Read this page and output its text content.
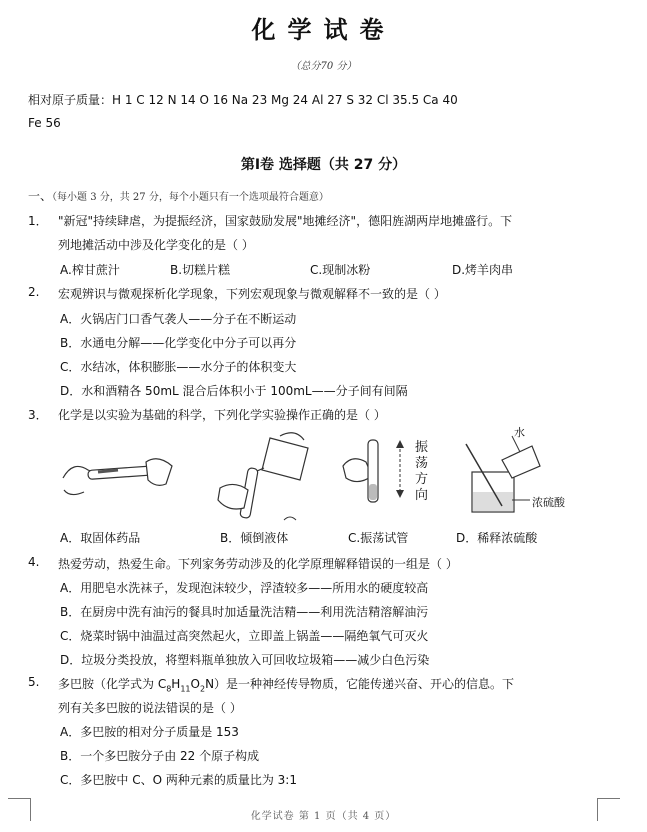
化学试卷
（总分70 分）
相对原子质量：H 1 C 12 N 14 O 16 Na 23 Mg 24 Al 27 S 32 Cl 35.5 Ca 40
Fe 56
第Ⅰ卷 选择题（共 27 分）
一、（每小题 3 分，共 27 分，每个小题只有一个选项最符合题意）
1． "新冠"持续肆虐，为提振经济，国家鼓励发展"地摊经济"，德阳旌湖两岸地摊盛行。下
列地摊活动中涉及化学变化的是（ ）
A.榨甘蔗汁	B.切糕片糕	C.现制冰粉	D.烤羊肉串
2. 宏观辨识与微观探析化学现象，下列宏观现象与微观解释不一致的是（ ）
A．火锅店门口香气袭人——分子在不断运动
B．水通电分解——化学变化中分子可以再分
C．水结冰，体积膨胀——水分子的体积变大
D．水和酒精各 50mL 混合后体积小于 100mL——分子间有间隔
3． 化学是以实验为基础的科学，下列化学实验操作正确的是（ ）
振
荡
方
向
水
浓硫酸
A．取固体药品	B．倾倒液体	C.振荡试管	D．稀释浓硫酸
4. 热爱劳动，热爱生命。下列家务劳动涉及的化学原理解释错误的一组是（ ）
A．用肥皂水洗袜子，发现泡沫较少，浮渣较多——所用水的硬度较高
B．在厨房中洗有油污的餐具时加适量洗洁精——利用洗洁精溶解油污
C．烧菜时锅中油温过高突然起火，立即盖上锅盖——隔绝氧气可灭火
D．垃圾分类投放，将塑料瓶单独放入可回收垃圾箱——减少白色污染
5. 多巴胺（化学式为 $C_8H_{11}O_2N$）是一种神经传导物质，它能传递兴奋、开心的信息。下
列有关多巴胺的说法错误的是（ ）
A．多巴胺的相对分子质量是 153
B．一个多巴胺分子由 22 个原子构成
C．多巴胺中 C、O 两种元素的质量比为 3:1
化学试卷 第 1 页（共 4 页）
